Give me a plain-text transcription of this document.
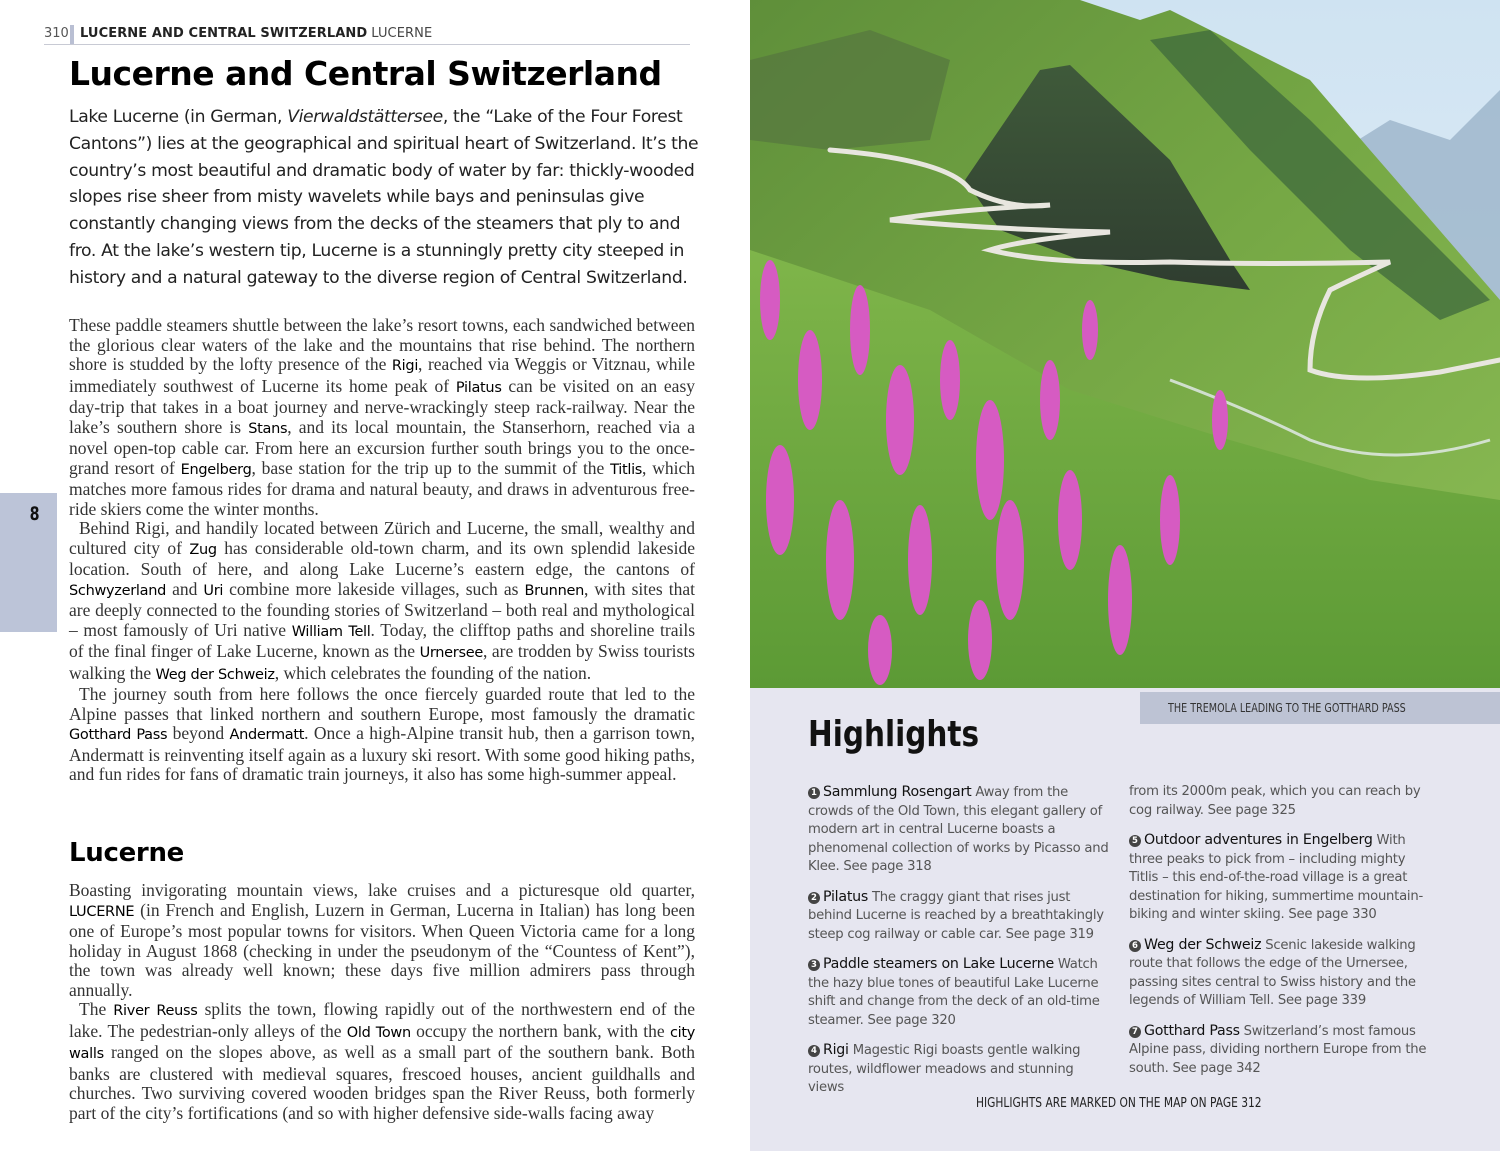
310 LUCERNE AND CENTRAL SWITZERLAND LUCERNE
8
Lucerne and Central Switzerland

Lake Lucerne (in German, Vierwaldstättersee, the “Lake of the Four Forest Cantons”) lies at the geographical and spiritual heart of Switzerland. It’s the country’s most beautiful and dramatic body of water by far: thickly-wooded slopes rise sheer from misty wavelets while bays and peninsulas give constantly changing views from the decks of the steamers that ply to and fro. At the lake’s western tip, Lucerne is a stunningly pretty city steeped in history and a natural gateway to the diverse region of Central Switzerland.

These paddle steamers shuttle between the lake’s resort towns, each sandwiched between the glorious clear waters of the lake and the mountains that rise behind. The northern shore is studded by the lofty presence of the Rigi, reached via Weggis or Vitznau, while immediately southwest of Lucerne its home peak of Pilatus can be visited on an easy day-trip that takes in a boat journey and nerve-wrackingly steep rack-railway. Near the lake’s southern shore is Stans, and its local mountain, the Stanserhorn, reached via a novel open-top cable car. From here an excursion further south brings you to the once-grand resort of Engelberg, base station for the trip up to the summit of the Titlis, which matches more famous rides for drama and natural beauty, and draws in adventurous free-ride skiers come the winter months.

Behind Rigi, and handily located between Zürich and Lucerne, the small, wealthy and cultured city of Zug has considerable old-town charm, and its own splendid lakeside location. South of here, and along Lake Lucerne’s eastern edge, the cantons of Schwyzerland and Uri combine more lakeside villages, such as Brunnen, with sites that are deeply connected to the founding stories of Switzerland – both real and mythological – most famously of Uri native William Tell. Today, the clifftop paths and shoreline trails of the final finger of Lake Lucerne, known as the Urnersee, are trodden by Swiss tourists walking the Weg der Schweiz, which celebrates the founding of the nation.

The journey south from here follows the once fiercely guarded route that led to the Alpine passes that linked northern and southern Europe, most famously the dramatic Gotthard Pass beyond Andermatt. Once a high-Alpine transit hub, then a garrison town, Andermatt is reinventing itself again as a luxury ski resort. With some good hiking paths, and fun rides for fans of dramatic train journeys, it also has some high-summer appeal.

Lucerne

Boasting invigorating mountain views, lake cruises and a picturesque old quarter, LUCERNE (in French and English, Luzern in German, Lucerna in Italian) has long been one of Europe’s most popular towns for visitors. When Queen Victoria came for a long holiday in August 1868 (checking in under the pseudonym of the “Countess of Kent”), the town was already well known; these days five million admirers pass through annually.

The River Reuss splits the town, flowing rapidly out of the northwestern end of the lake. The pedestrian-only alleys of the Old Town occupy the northern bank, with the city walls ranged on the slopes above, as well as a small part of the southern bank. Both banks are clustered with medieval squares, frescoed houses, ancient guildhalls and churches. Two surviving covered wooden bridges span the River Reuss, both formerly part of the city’s fortifications (and so with higher defensive side-walls facing away

THE TREMOLA LEADING TO THE GOTTHARD PASS
Highlights
1 Sammlung Rosengart Away from the crowds of the Old Town, this elegant gallery of modern art in central Lucerne boasts a phenomenal collection of works by Picasso and Klee. See page 318
2 Pilatus The craggy giant that rises just behind Lucerne is reached by a breathtakingly steep cog railway or cable car. See page 319
3 Paddle steamers on Lake Lucerne Watch the hazy blue tones of beautiful Lake Lucerne shift and change from the deck of an old-time steamer. See page 320
4 Rigi Magestic Rigi boasts gentle walking routes, wildflower meadows and stunning views
from its 2000m peak, which you can reach by cog railway. See page 325
5 Outdoor adventures in Engelberg With three peaks to pick from – including mighty Titlis – this end-of-the-road village is a great destination for hiking, summertime mountain-biking and winter skiing. See page 330
6 Weg der Schweiz Scenic lakeside walking route that follows the edge of the Urnersee, passing sites central to Swiss history and the legends of William Tell. See page 339
7 Gotthard Pass Switzerland’s most famous Alpine pass, dividing northern Europe from the south. See page 342
HIGHLIGHTS ARE MARKED ON THE MAP ON PAGE 312
